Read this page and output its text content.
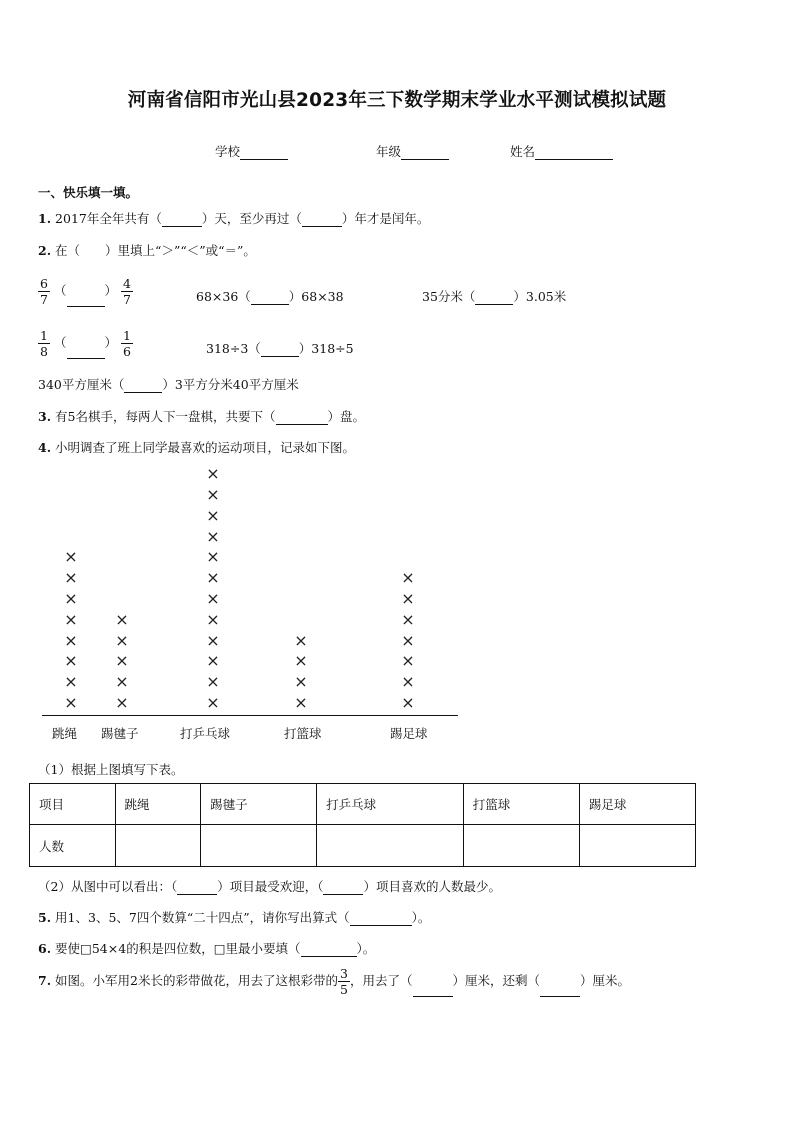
河南省信阳市光山县2023年三下数学期末学业水平测试模拟试题
学校	年级	姓名
一、快乐填一填。
1. 2017年全年共有（	）天，至少再过（	）年才是闰年。
2. 在（　　）里填上“＞”“＜”或“＝”。
$\frac{6}{7}$ （	） $\frac{4}{7}$	68×36（	）68×38	35分米（	）3.05米
$\frac{1}{8}$ （	） $\frac{1}{6}$	318÷3（	）318÷5
340平方厘米（	）3平方分米40平方厘米
3. 有5名棋手，每两人下一盘棋，共要下（	）盘。
4. 小明调查了班上同学最喜欢的运动项目，记录如下图。
×
×
×
×
×
×
×
×
×
×
×
×
×
×
×
×
×
×
×
×
×
×
×
×
×
×
×
×
×
×
×
×
×
×
×
×
跳绳 踢毽子	打乒乓球	打篮球	踢足球
（1）根据上图填写下表。
项目	跳绳	踢毽子	打乒乓球	打篮球	踢足球
人数					
（2）从图中可以看出：（	）项目最受欢迎，（	）项目喜欢的人数最少。
5. 用1、3、5、7四个数算“二十四点”，请你写出算式（	）。
6. 要使□54×4的积是四位数，□里最小要填（	）。
7. 如图。小军用2米长的彩带做花，用去了这根彩带的 $\frac{3}{5}$ ，用去了（	）厘米，还剩（	）厘米。
